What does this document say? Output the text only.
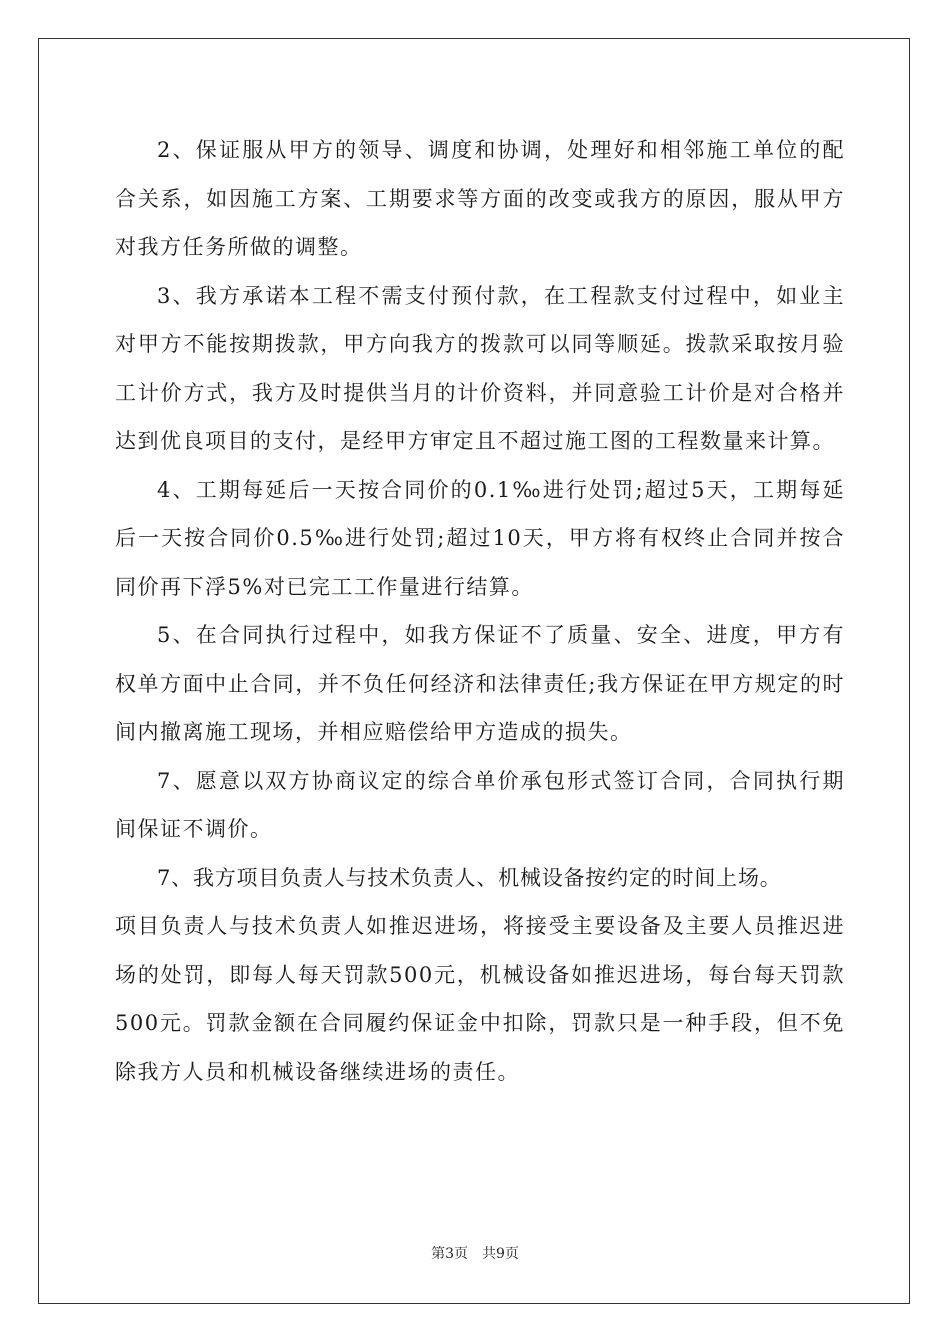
2、保证服从甲方的领导、调度和协调，处理好和相邻施工单位的配合关系，如因施工方案、工期要求等方面的改变或我方的原因，服从甲方对我方任务所做的调整。

3、我方承诺本工程不需支付预付款，在工程款支付过程中，如业主对甲方不能按期拨款，甲方向我方的拨款可以同等顺延。拨款采取按月验工计价方式，我方及时提供当月的计价资料，并同意验工计价是对合格并达到优良项目的支付，是经甲方审定且不超过施工图的工程数量来计算。

4、工期每延后一天按合同价的0.1‰进行处罚;超过5天，工期每延后一天按合同价0.5‰进行处罚;超过10天，甲方将有权终止合同并按合同价再下浮5%对已完工工作量进行结算。

5、在合同执行过程中，如我方保证不了质量、安全、进度，甲方有权单方面中止合同，并不负任何经济和法律责任;我方保证在甲方规定的时间内撤离施工现场，并相应赔偿给甲方造成的损失。

7、愿意以双方协商议定的综合单价承包形式签订合同，合同执行期间保证不调价。

7、我方项目负责人与技术负责人、机械设备按约定的时间上场。

项目负责人与技术负责人如推迟进场，将接受主要设备及主要人员推迟进场的处罚，即每人每天罚款500元，机械设备如推迟进场，每台每天罚款500元。罚款金额在合同履约保证金中扣除，罚款只是一种手段，但不免除我方人员和机械设备继续进场的责任。

第3页 共9页
